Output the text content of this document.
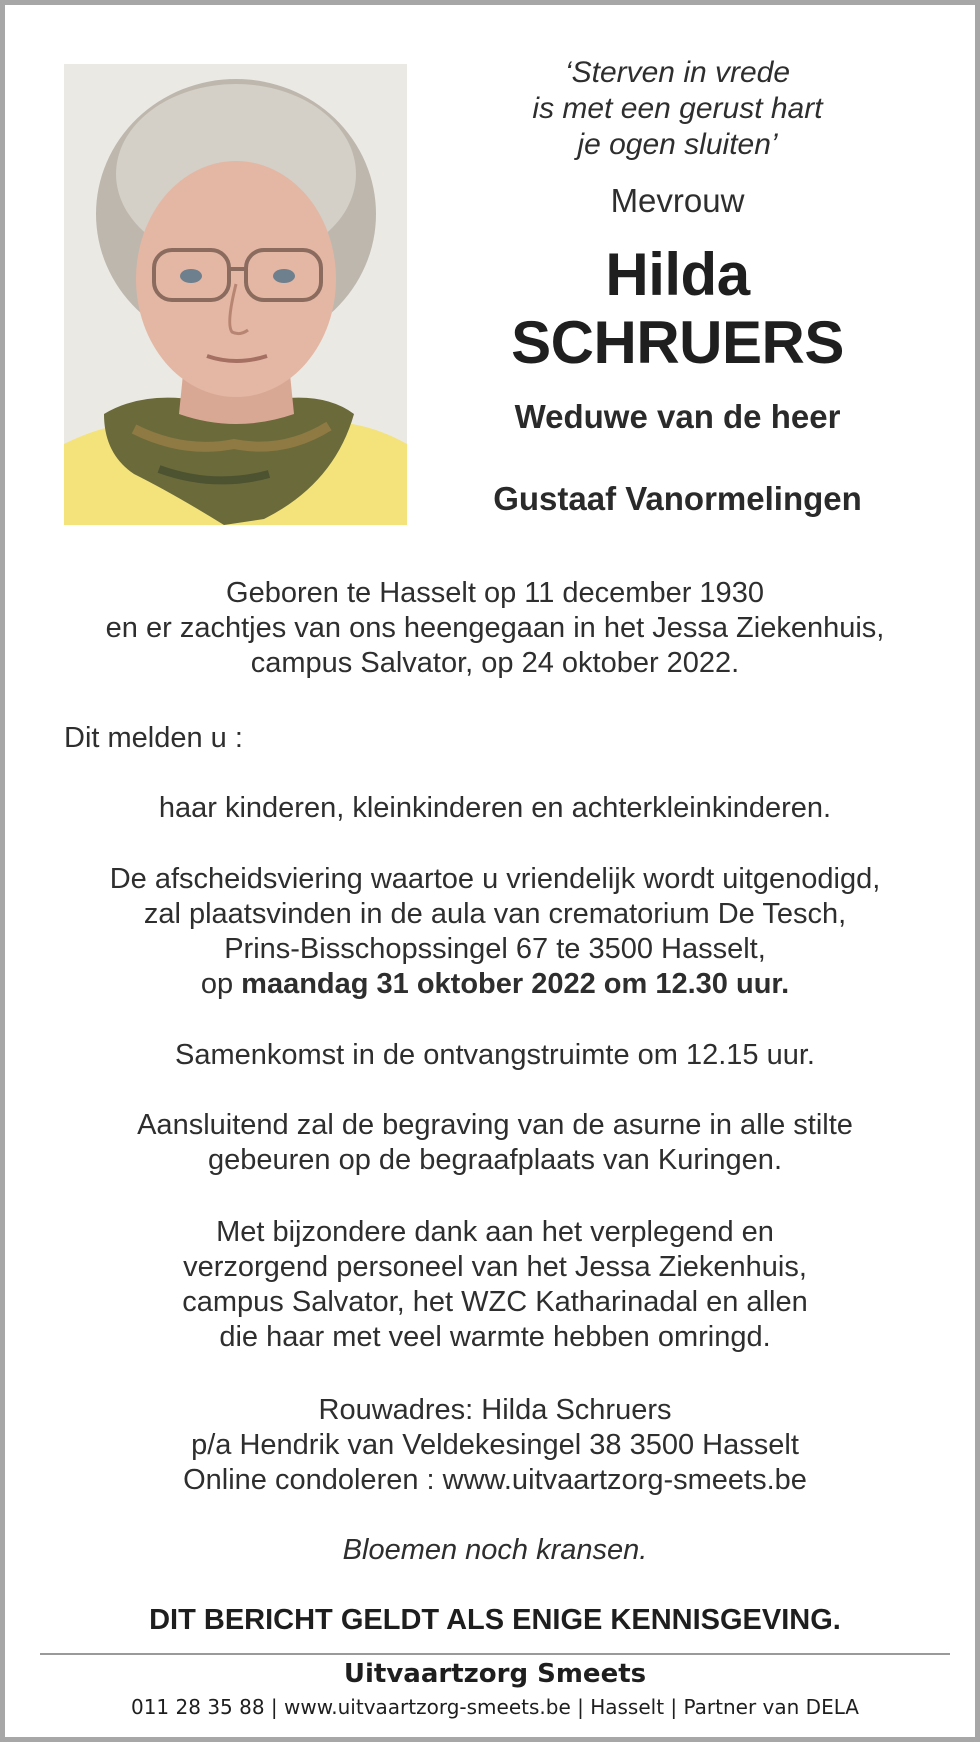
‘Sterven in vrede
is met een gerust hart
je ogen sluiten’
Mevrouw
Hilda SCHRUERS
Weduwe van de heer
Gustaaf Vanormelingen
Geboren te Hasselt op 11 december 1930
en er zachtjes van ons heengegaan in het Jessa Ziekenhuis,
campus Salvator, op 24 oktober 2022.
Dit melden u :
haar kinderen, kleinkinderen en achterkleinkinderen.
De afscheidsviering waartoe u vriendelijk wordt uitgenodigd,
zal plaatsvinden in de aula van crematorium De Tesch,
Prins-Bisschopssingel 67 te 3500 Hasselt,
op maandag 31 oktober 2022 om 12.30 uur.
Samenkomst in de ontvangstruimte om 12.15 uur.
Aansluitend zal de begraving van de asurne in alle stilte
gebeuren op de begraafplaats van Kuringen.
Met bijzondere dank aan het verplegend en
verzorgend personeel van het Jessa Ziekenhuis,
campus Salvator, het WZC Katharinadal en allen
die haar met veel warmte hebben omringd.
Rouwadres: Hilda Schruers
p/a Hendrik van Veldekesingel 38 3500 Hasselt
Online condoleren : www.uitvaartzorg-smeets.be
Bloemen noch kransen.
DIT BERICHT GELDT ALS ENIGE KENNISGEVING.
Uitvaartzorg Smeets
011 28 35 88 | www.uitvaartzorg-smeets.be | Hasselt | Partner van DELA
